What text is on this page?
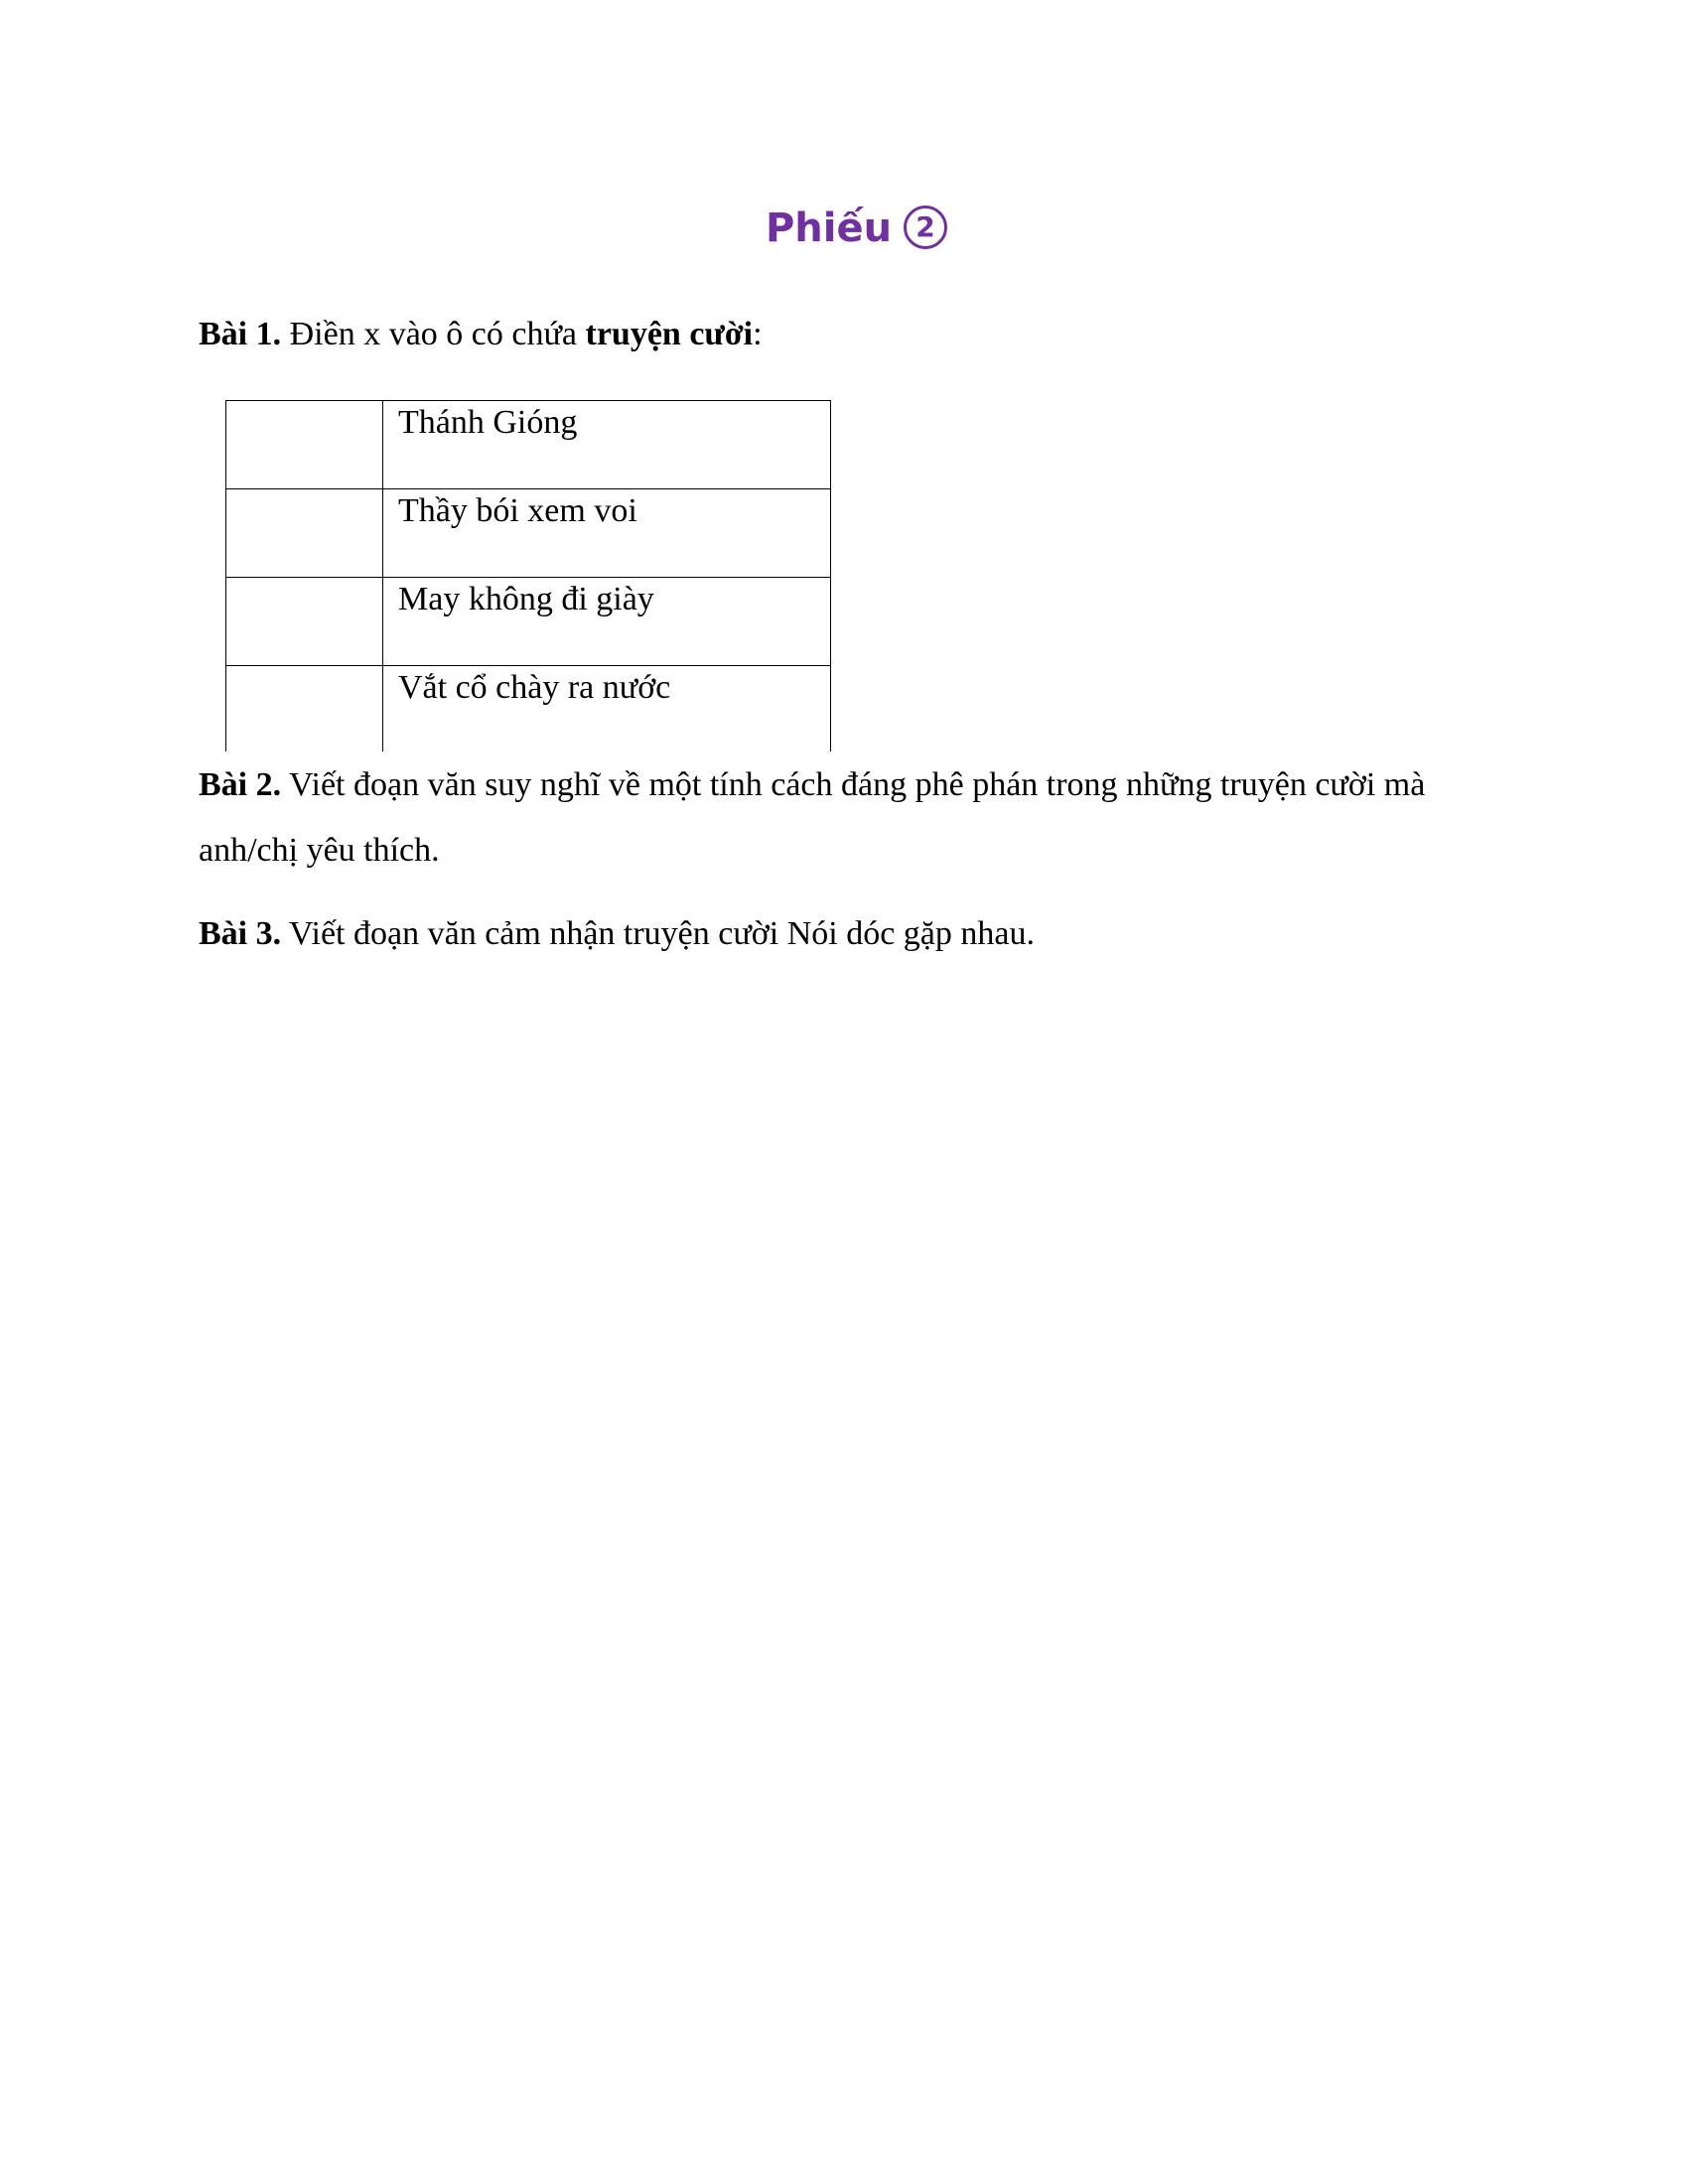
Phiếu 2
Bài 1. Điền x vào ô có chứa truyện cười:
	Thánh Gióng
	Thầy bói xem voi
	May không đi giày
	Vắt cổ chày ra nước
Bài 2. Viết đoạn văn suy nghĩ về một tính cách đáng phê phán trong những truyện cười mà anh/chị yêu thích.
Bài 3. Viết đoạn văn cảm nhận truyện cười Nói dóc gặp nhau.
